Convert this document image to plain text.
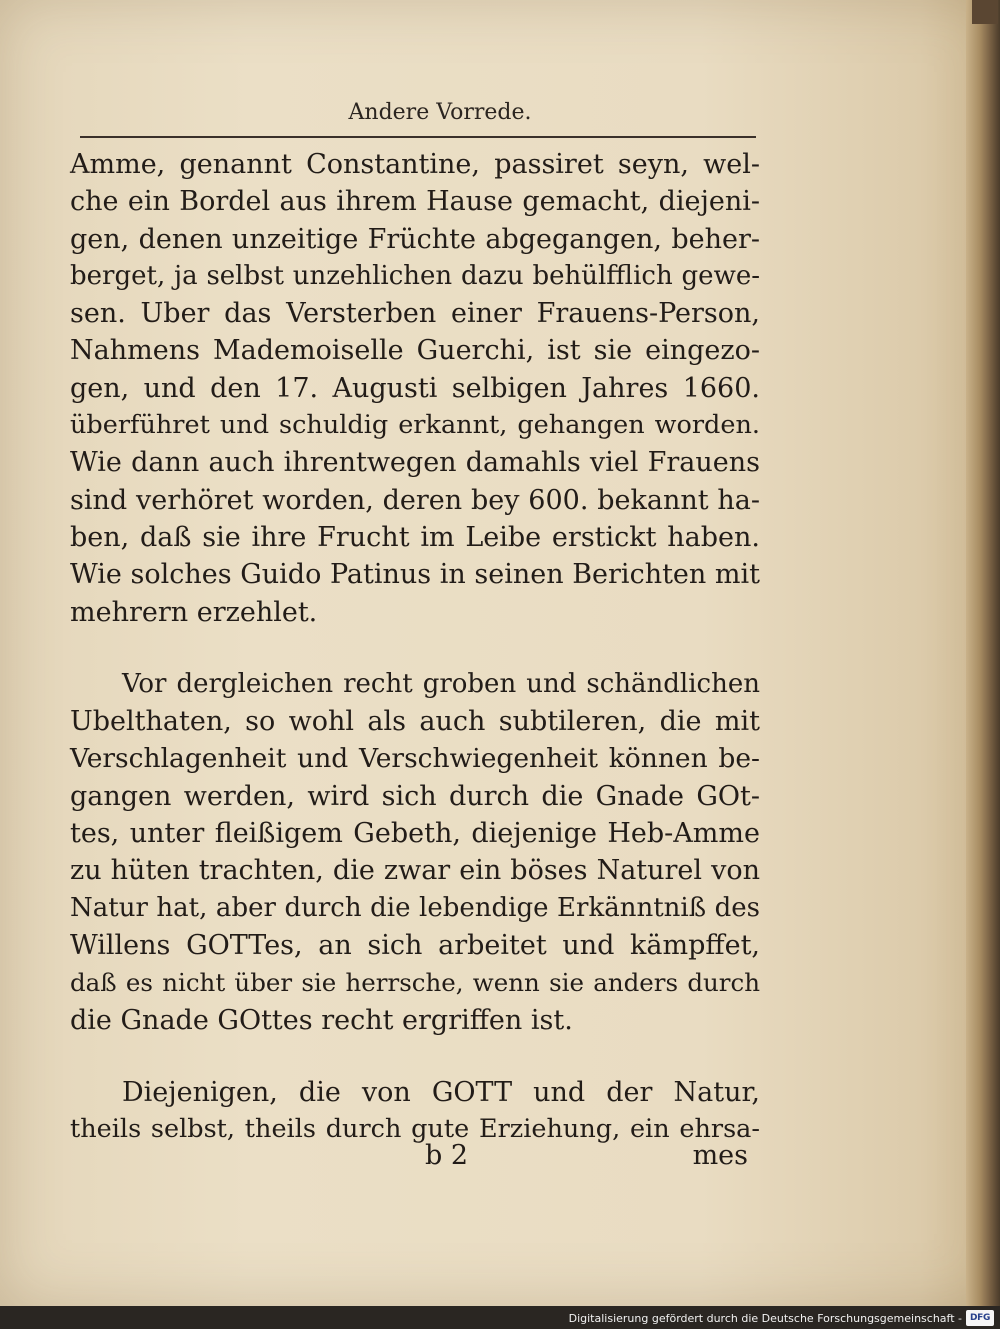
Andere Vorrede.
Amme, genannt Constantine, passiret seyn, wel-
che ein Bordel aus ihrem Hause gemacht, diejeni-
gen, denen unzeitige Früchte abgegangen, beher-
berget, ja selbst unzehlichen dazu behülfflich gewe-
sen. Uber das Versterben einer Frauens-Person,
Nahmens Mademoiselle Guerchi, ist sie eingezo-
gen, und den 17. Augusti selbigen Jahres 1660.
überführet und schuldig erkannt, gehangen worden.
Wie dann auch ihrentwegen damahls viel Frauens
sind verhöret worden, deren bey 600. bekannt ha-
ben, daß sie ihre Frucht im Leibe erstickt haben.
Wie solches Guido Patinus in seinen Berichten mit
mehrern erzehlet.
Vor dergleichen recht groben und schändlichen
Ubelthaten, so wohl als auch subtileren, die mit
Verschlagenheit und Verschwiegenheit können be-
gangen werden, wird sich durch die Gnade GOt-
tes, unter fleißigem Gebeth, diejenige Heb-Amme
zu hüten trachten, die zwar ein böses Naturel von
Natur hat, aber durch die lebendige Erkänntniß des
Willens GOTTes, an sich arbeitet und kämpffet,
daß es nicht über sie herrsche, wenn sie anders durch
die Gnade GOttes recht ergriffen ist.
Diejenigen, die von GOTT und der Natur,
theils selbst, theils durch gute Erziehung, ein ehrsa-
b 2	mes
Digitalisierung gefördert durch die Deutsche Forschungsgemeinschaft - DFG
